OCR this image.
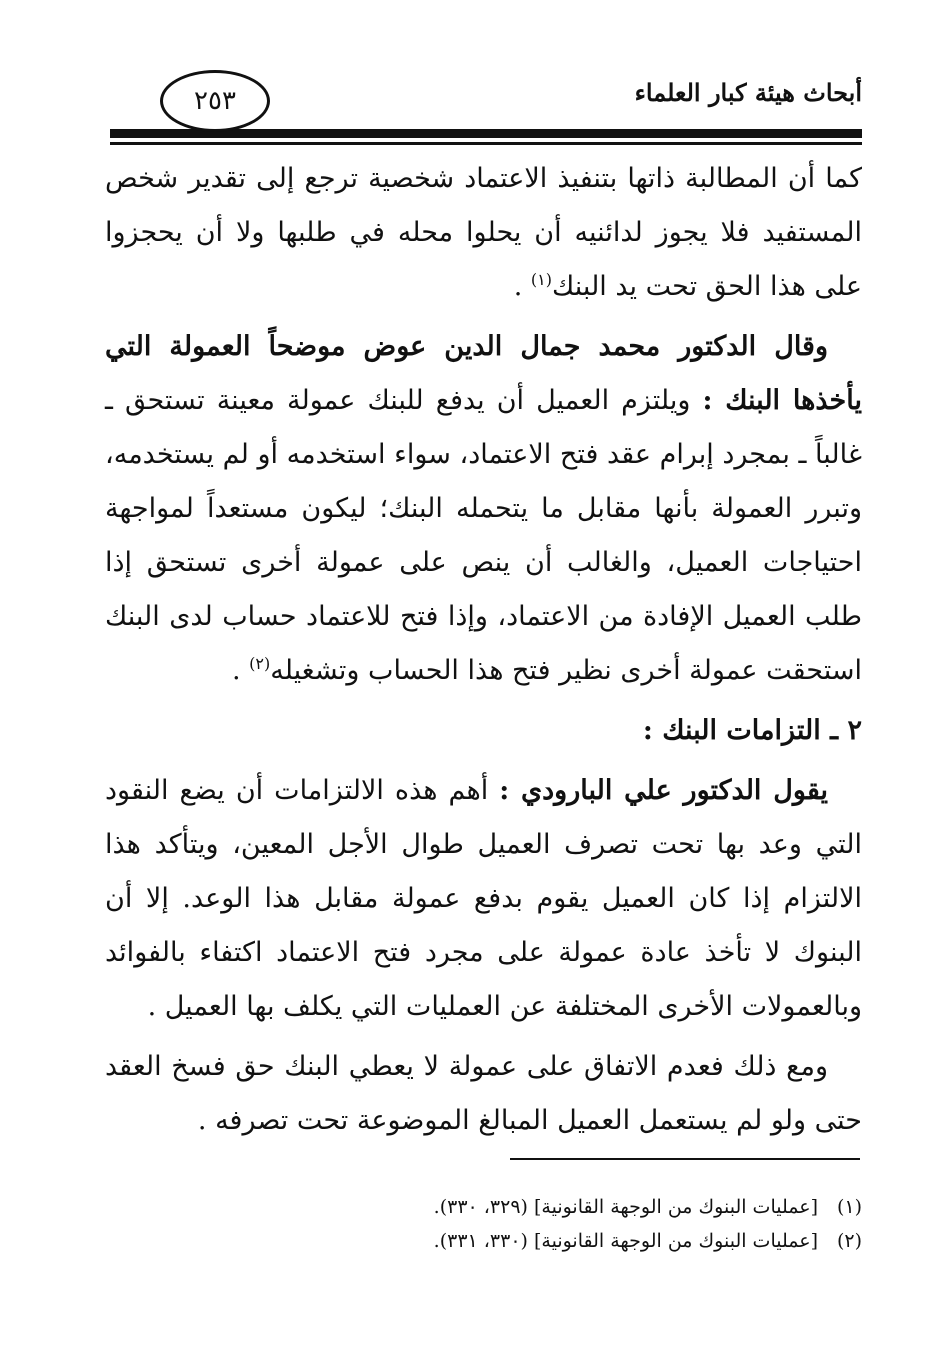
أبحاث هيئة كبار العلماء
٢٥٣

كما أن المطالبة ذاتها بتنفيذ الاعتماد شخصية ترجع إلى تقدير شخص المستفيد فلا يجوز لدائنيه أن يحلوا محله في طلبها ولا أن يحجزوا على هذا الحق تحت يد البنك$^{(١)}$ .

وقال الدكتور محمد جمال الدين عوض موضحاً العمولة التي يأخذها البنك : ويلتزم العميل أن يدفع للبنك عمولة معينة تستحق ـ غالباً ـ بمجرد إبرام عقد فتح الاعتماد، سواء استخدمه أو لم يستخدمه، وتبرر العمولة بأنها مقابل ما يتحمله البنك؛ ليكون مستعداً لمواجهة احتياجات العميل، والغالب أن ينص على عمولة أخرى تستحق إذا طلب العميل الإفادة من الاعتماد، وإذا فتح للاعتماد حساب لدى البنك استحقت عمولة أخرى نظير فتح هذا الحساب وتشغيله$^{(٢)}$ .

٢ ـ التزامات البنك :

يقول الدكتور علي البارودي : أهم هذه الالتزامات أن يضع النقود التي وعد بها تحت تصرف العميل طوال الأجل المعين، ويتأكد هذا الالتزام إذا كان العميل يقوم بدفع عمولة مقابل هذا الوعد. إلا أن البنوك لا تأخذ عادة عمولة على مجرد فتح الاعتماد اكتفاء بالفوائد وبالعمولات الأخرى المختلفة عن العمليات التي يكلف بها العميل .

ومع ذلك فعدم الاتفاق على عمولة لا يعطي البنك حق فسخ العقد حتى ولو لم يستعمل العميل المبالغ الموضوعة تحت تصرفه .

(١)[عمليات البنوك من الوجهة القانونية] (٣٢٩، ٣٣٠).
(٢)[عمليات البنوك من الوجهة القانونية] (٣٣٠، ٣٣١).
